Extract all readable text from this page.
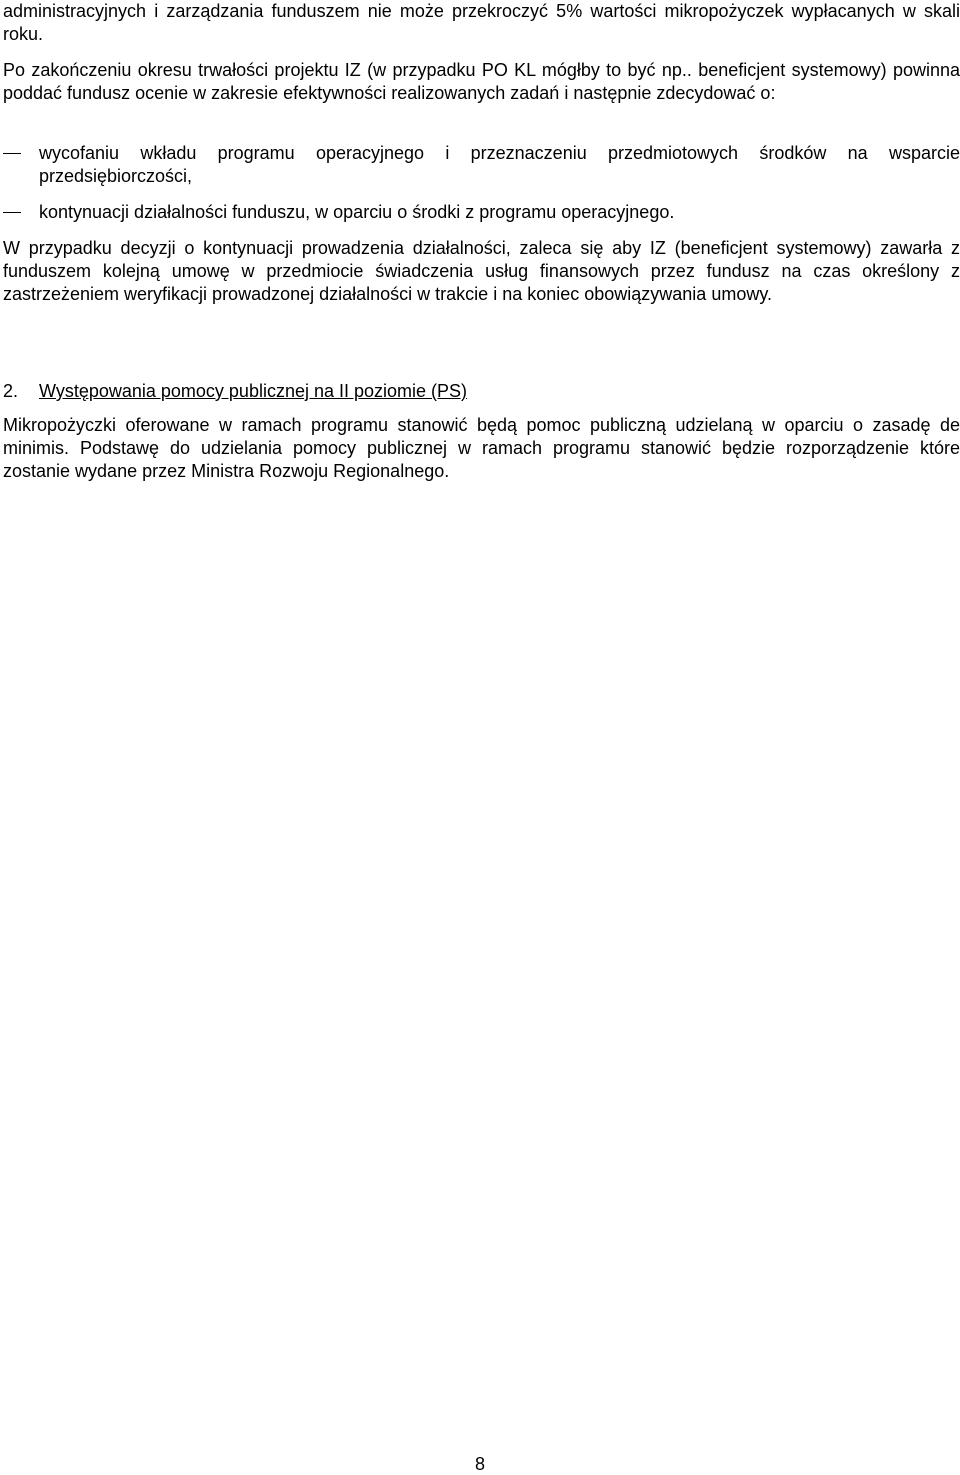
administracyjnych i zarządzania funduszem nie może przekroczyć 5% wartości mikropożyczek wypłacanych w skali roku.

Po zakończeniu okresu trwałości projektu IZ (w przypadku PO KL mógłby to być np.. beneficjent systemowy) powinna poddać fundusz ocenie w zakresie efektywności realizowanych zadań i następnie zdecydować o:

wycofaniu wkładu programu operacyjnego i przeznaczeniu przedmiotowych środków na wsparcie przedsiębiorczości,
kontynuacji działalności funduszu, w oparciu o środki z programu operacyjnego.

W przypadku decyzji o kontynuacji prowadzenia działalności, zaleca się aby IZ (beneficjent systemowy) zawarła z funduszem kolejną umowę w przedmiocie świadczenia usług finansowych przez fundusz na czas określony z zastrzeżeniem weryfikacji prowadzonej działalności w trakcie i na koniec obowiązywania umowy.

2. Występowania pomocy publicznej na II poziomie (PS)

Mikropożyczki oferowane w ramach programu stanowić będą pomoc publiczną udzielaną w oparciu o zasadę de minimis. Podstawę do udzielania pomocy publicznej w ramach programu stanowić będzie rozporządzenie które zostanie wydane przez Ministra Rozwoju Regionalnego.

8
